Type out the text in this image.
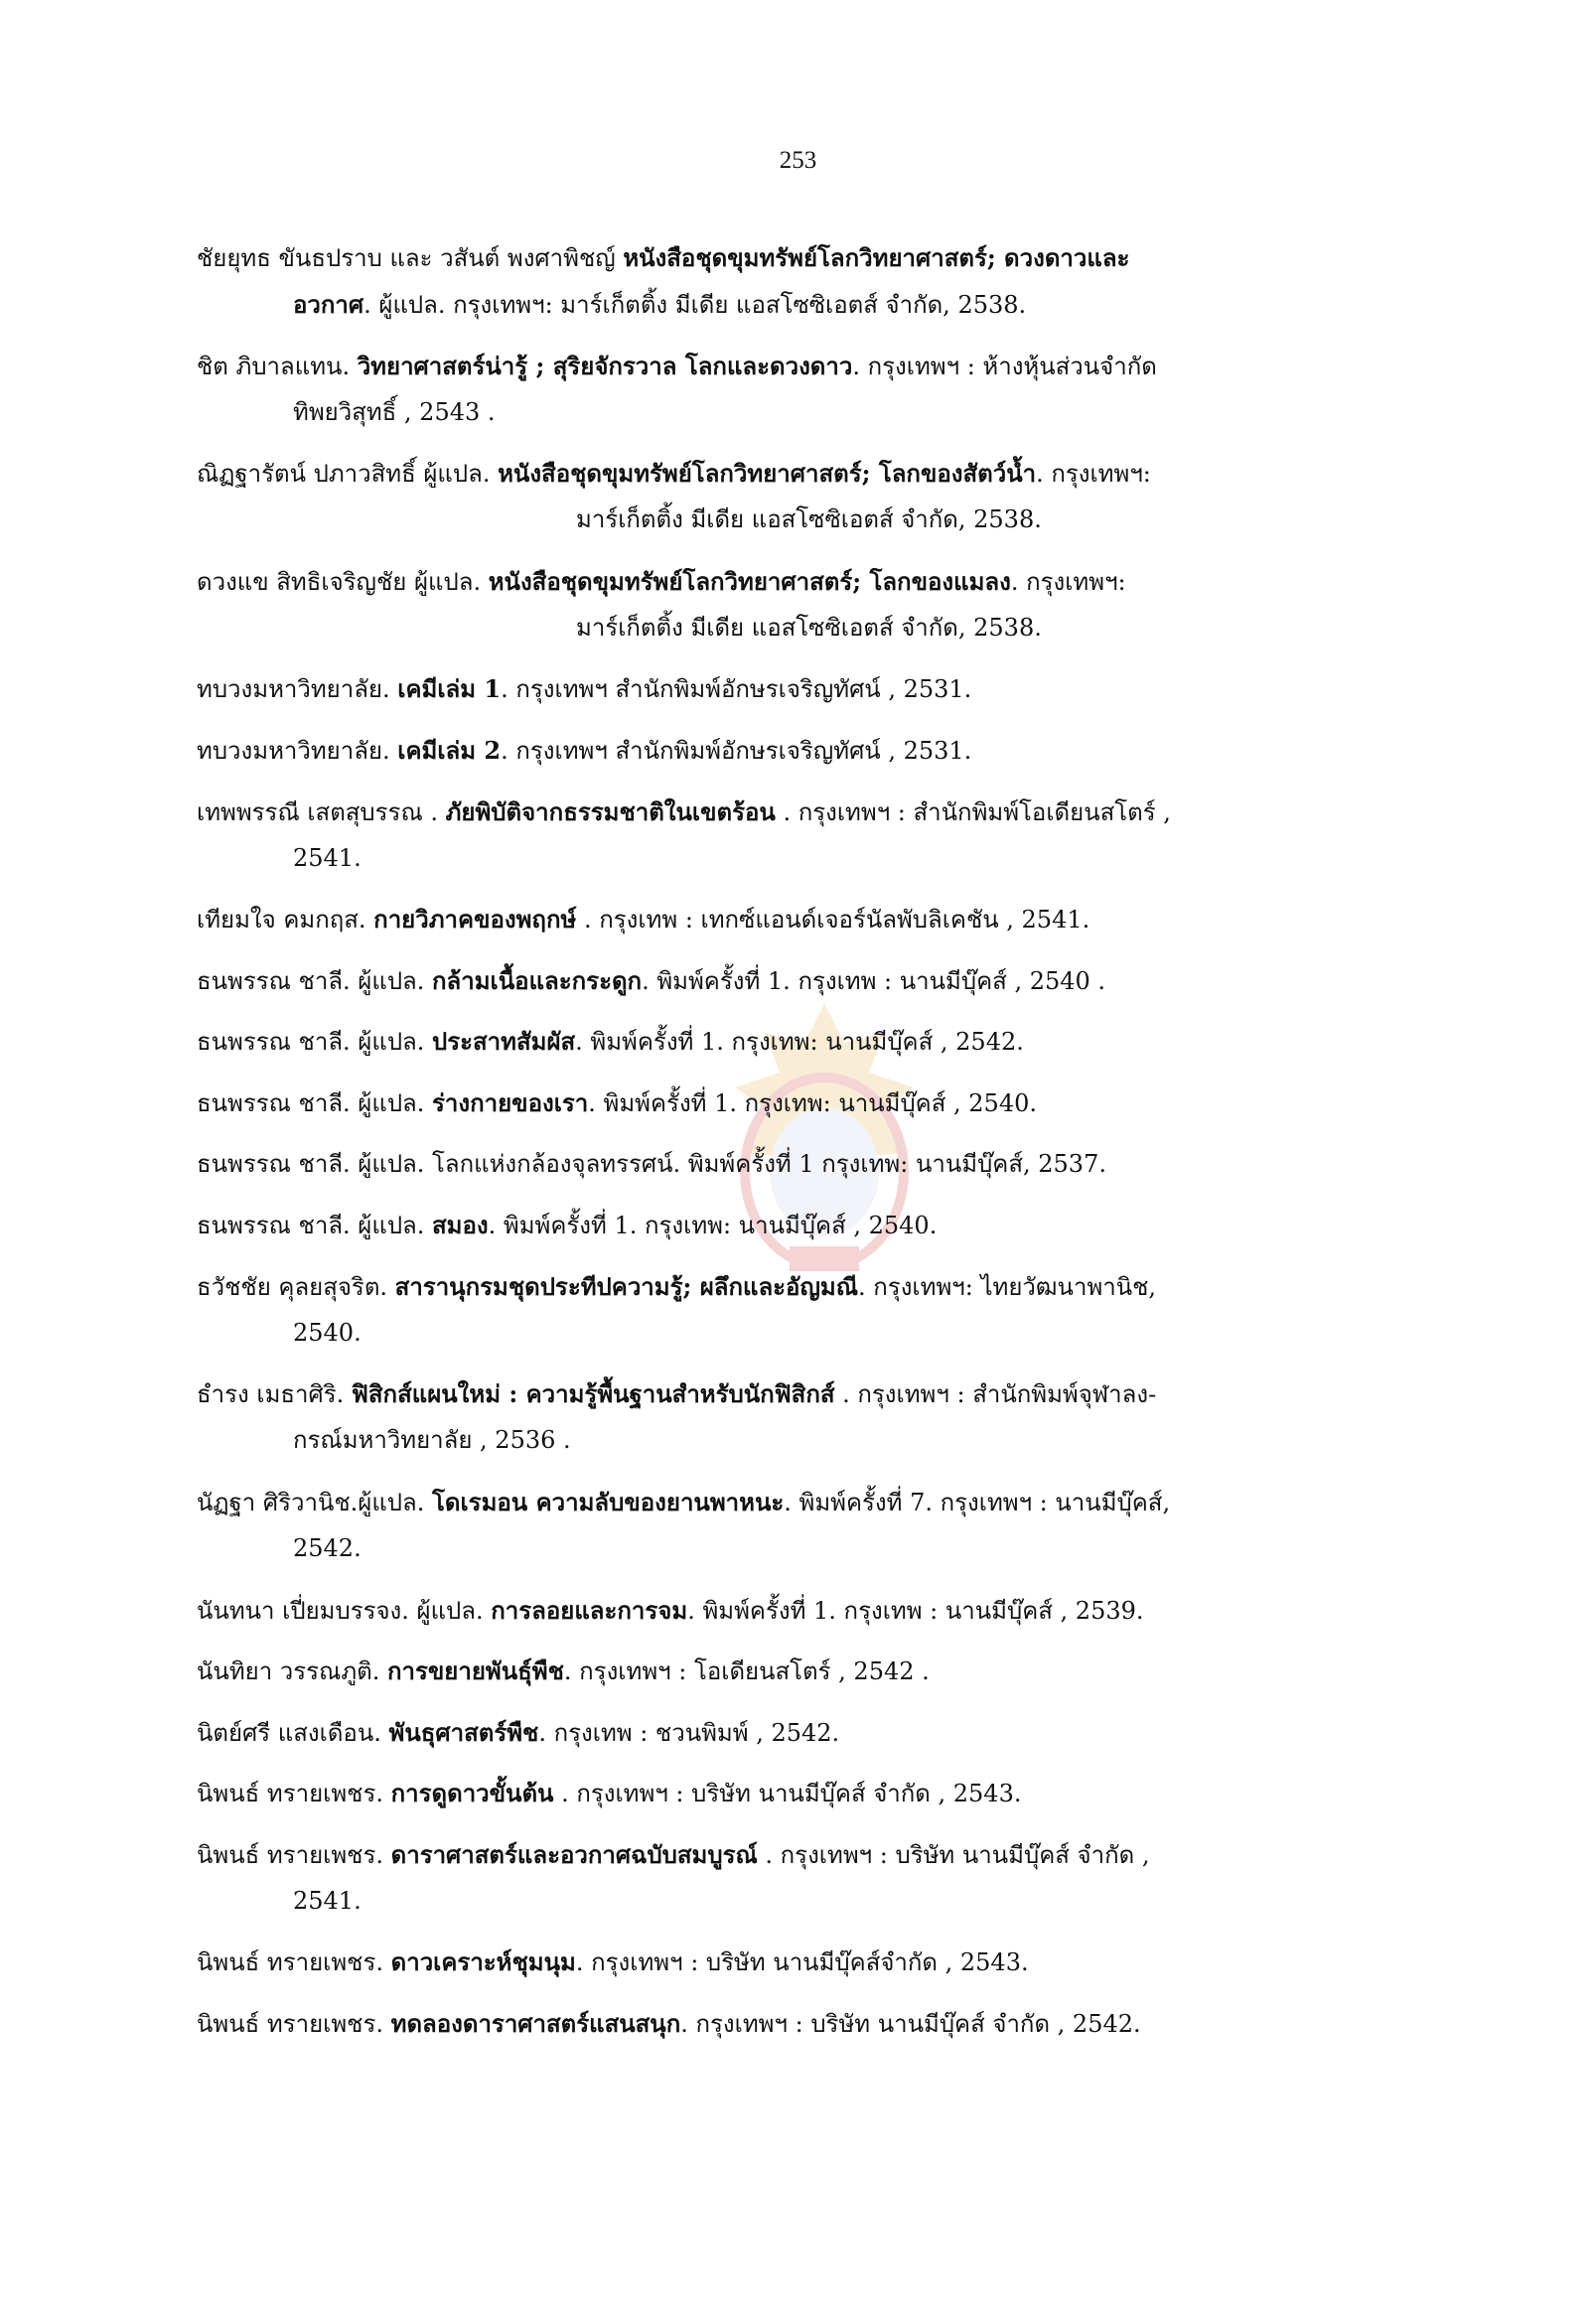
253
ชัยยุทธ ขันธปราบ และ วสันต์ พงศาพิชญ์ หนังสือชุดขุมทรัพย์โลกวิทยาศาสตร์; ดวงดาวและ
อวกาศ. ผู้แปล. กรุงเทพฯ: มาร์เก็ตติ้ง มีเดีย แอสโซซิเอตส์ จำกัด, 2538.
ชิต ภิบาลแทน. วิทยาศาสตร์น่ารู้ ; สุริยจักรวาล โลกและดวงดาว. กรุงเทพฯ : ห้างหุ้นส่วนจำกัด
ทิพยวิสุทธิ์ , 2543 .
ณิฏฐารัตน์ ปภาวสิทธิ์ ผู้แปล. หนังสือชุดขุมทรัพย์โลกวิทยาศาสตร์; โลกของสัตว์น้ำ. กรุงเทพฯ:
มาร์เก็ตติ้ง มีเดีย แอสโซซิเอตส์ จำกัด, 2538.
ดวงแข สิทธิเจริญชัย ผู้แปล. หนังสือชุดขุมทรัพย์โลกวิทยาศาสตร์; โลกของแมลง. กรุงเทพฯ:
มาร์เก็ตติ้ง มีเดีย แอสโซซิเอตส์ จำกัด, 2538.
ทบวงมหาวิทยาลัย. เคมีเล่ม 1. กรุงเทพฯ สำนักพิมพ์อักษรเจริญทัศน์ , 2531.
ทบวงมหาวิทยาลัย. เคมีเล่ม 2. กรุงเทพฯ สำนักพิมพ์อักษรเจริญทัศน์ , 2531.
เทพพรรณี เสตสุบรรณ . ภัยพิบัติจากธรรมชาติในเขตร้อน . กรุงเทพฯ : สำนักพิมพ์โอเดียนสโตร์ ,
2541.
เทียมใจ คมกฤส. กายวิภาคของพฤกษ์ . กรุงเทพ : เทกซ์แอนด์เจอร์นัลพับลิเคชัน , 2541.
ธนพรรณ ชาลี. ผู้แปล. กล้ามเนื้อและกระดูก. พิมพ์ครั้งที่ 1. กรุงเทพ : นานมีบุ๊คส์ , 2540 .
ธนพรรณ ชาลี. ผู้แปล. ประสาทสัมผัส. พิมพ์ครั้งที่ 1. กรุงเทพ: นานมีบุ๊คส์ , 2542.
ธนพรรณ ชาลี. ผู้แปล. ร่างกายของเรา. พิมพ์ครั้งที่ 1. กรุงเทพ: นานมีบุ๊คส์ , 2540.
ธนพรรณ ชาลี. ผู้แปล. โลกแห่งกล้องจุลทรรศน์. พิมพ์ครั้งที่ 1 กรุงเทพ: นานมีบุ๊คส์, 2537.
ธนพรรณ ชาลี. ผู้แปล. สมอง. พิมพ์ครั้งที่ 1. กรุงเทพ: นานมีบุ๊คส์ , 2540.
ธวัชชัย คุลยสุจริต. สารานุกรมชุดประทีปความรู้; ผลึกและอัญมณี. กรุงเทพฯ: ไทยวัฒนาพานิช,
2540.
ธำรง เมธาศิริ. ฟิสิกส์แผนใหม่ : ความรู้พื้นฐานสำหรับนักฟิสิกส์ . กรุงเทพฯ : สำนักพิมพ์จุฬาลง-
กรณ์มหาวิทยาลัย , 2536 .
นัฏฐา ศิริวานิช.ผู้แปล. โดเรมอน ความลับของยานพาหนะ. พิมพ์ครั้งที่ 7. กรุงเทพฯ : นานมีบุ๊คส์,
2542.
นันทนา เปี่ยมบรรจง. ผู้แปล. การลอยและการจม. พิมพ์ครั้งที่ 1. กรุงเทพ : นานมีบุ๊คส์ , 2539.
นันทิยา วรรณภูติ. การขยายพันธุ์พืช. กรุงเทพฯ : โอเดียนสโตร์ , 2542 .
นิตย์ศรี แสงเดือน. พันธุศาสตร์พืช. กรุงเทพ : ชวนพิมพ์ , 2542.
นิพนธ์ ทรายเพชร. การดูดาวขั้นต้น . กรุงเทพฯ : บริษัท นานมีบุ๊คส์ จำกัด , 2543.
นิพนธ์ ทรายเพชร. ดาราศาสตร์และอวกาศฉบับสมบูรณ์ . กรุงเทพฯ : บริษัท นานมีบุ๊คส์ จำกัด ,
2541.
นิพนธ์ ทรายเพชร. ดาวเคราะห์ชุมนุม. กรุงเทพฯ : บริษัท นานมีบุ๊คส์จำกัด , 2543.
นิพนธ์ ทรายเพชร. ทดลองดาราศาสตร์แสนสนุก. กรุงเทพฯ : บริษัท นานมีบุ๊คส์ จำกัด , 2542.
